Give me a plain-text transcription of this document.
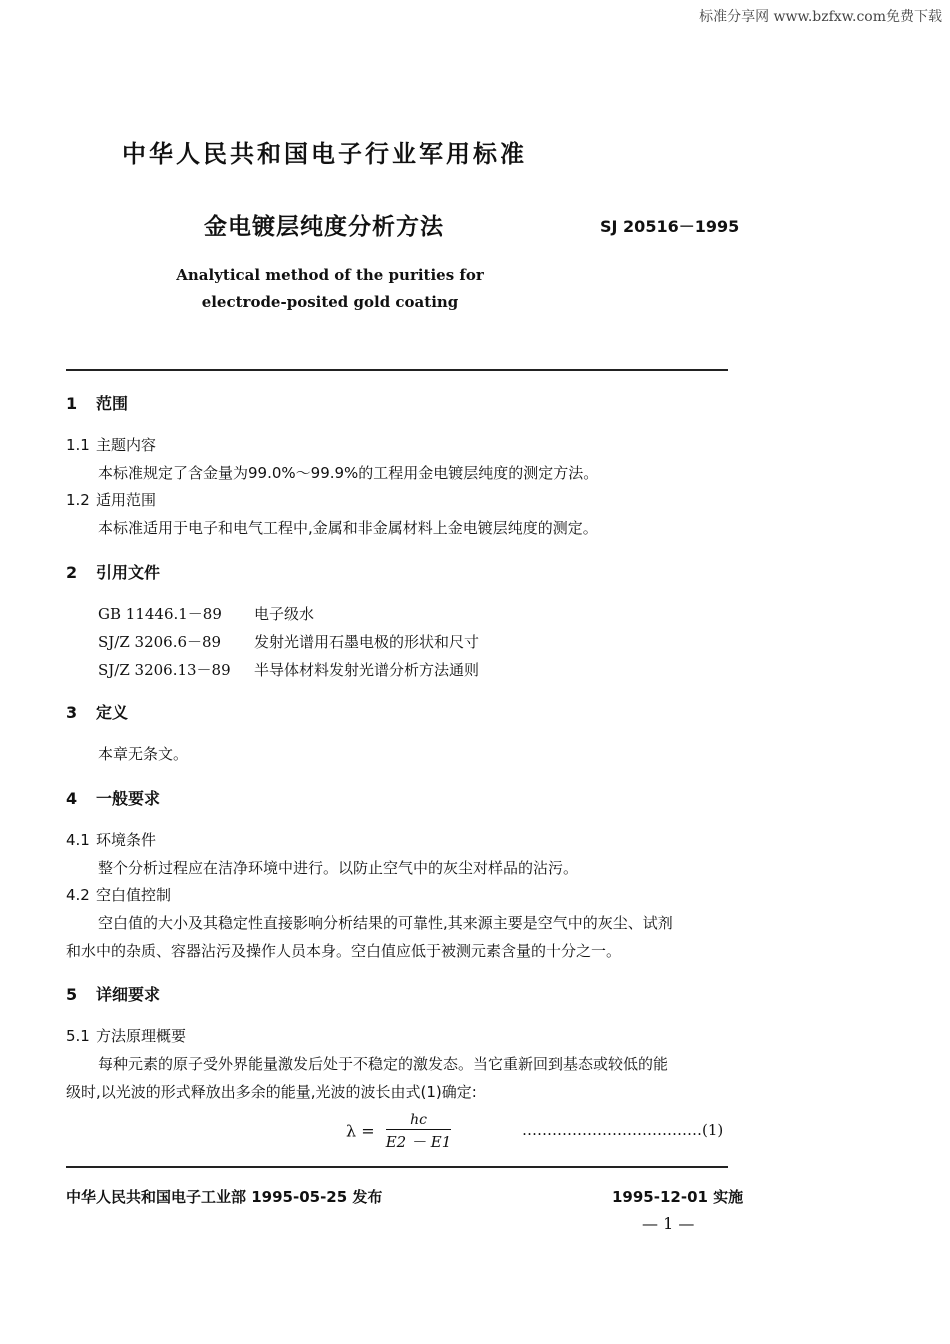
标准分享网 www.bzfxw.com免费下载
中华人民共和国电子行业军用标准
金电镀层纯度分析方法	SJ 20516－1995
Analytical method of the purities for electrode-posited gold coating
1 范围
1.1 主题内容
本标准规定了含金量为99.0%～99.9%的工程用金电镀层纯度的测定方法。
1.2 适用范围
本标准适用于电子和电气工程中,金属和非金属材料上金电镀层纯度的测定。
2 引用文件
GB 11446.1－89 电子级水
SJ/Z 3206.6－89 发射光谱用石墨电极的形状和尺寸
SJ/Z 3206.13－89 半导体材料发射光谱分析方法通则
3 定义
本章无条文。
4 一般要求
4.1 环境条件
整个分析过程应在洁净环境中进行。以防止空气中的灰尘对样品的沾污。
4.2 空白值控制
空白值的大小及其稳定性直接影响分析结果的可靠性,其来源主要是空气中的灰尘、试剂
和水中的杂质、容器沾污及操作人员本身。空白值应低于被测元素含量的十分之一。
5 详细要求
5.1 方法原理概要
每种元素的原子受外界能量激发后处于不稳定的激发态。当它重新回到基态或较低的能
级时,以光波的形式释放出多余的能量,光波的波长由式(1)确定:
$\lambda = \frac{hc}{E2 - E1}$	………………………………(1)
中华人民共和国电子工业部 1995-05-25 发布	1995-12-01 实施
— 1 —
